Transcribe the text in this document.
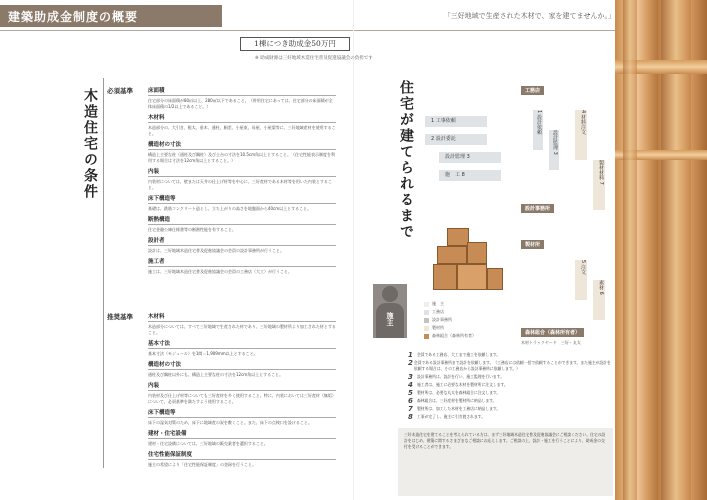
建築助成金制度の概要	「三好地域で生産された木材で、家を建てませんか。」
1棟につき助成金50万円
※ 助成財源は三好地域木造住宅普及促進協議会の負担です
木造住宅の条件	必須基準	床面積
住宅部分の床面積が80㎡以上、280㎡以下であること。（併用住宅にあっては、住宅部分の床面積が全体床面積の1/2以上であること。）
木材料
木造部分の、大引き、根太、垂木、通柱、胴差、小屋束、母屋、小屋梁等に、三好地域産材を使用すること。
構造材の寸法
構造上主要な柱（通柱及び隅柱）及び土台の寸法を10.5cm角以上とすること。（住宅性能表示制度を利用する場合は寸法を12cm角以上とすること。）
内装
内装材については、壁または天井の仕上げ材等を中心に、三好産材である木材等を用いた内装とすること。
床下構造等
基礎は、鉄筋コンクリート造とし、立ち上がりの高さを地盤面から40cm以上とすること。
断熱構造
住宅金融公庫仕様書等の断熱性能を有すること。
設計者
設計は、三好地域木造住宅普及促進協議会の会員の設計事務所が行うこと。
施工者
施工は、三好地域木造住宅普及促進協議会の会員の工務店（大工）が行うこと。
推奨基準	木材料
木造部分については、すべて三好地域で生産された材であり、三好地域の製材所より加工された材とすること。
基本寸法
基本寸法（モジュール）を1間＝1,909mm以上とすること。
構造材の寸法
通柱及び隅柱以外にも、構造上主要な柱の寸法を12cm角以上とすること。
内装
内装材及び仕上げ材等についても三好産材を多く使用すること。特に、内装においては三好産材（無垢）について、必須基準を満たすよう使用すること。
床下構造等
床下の湿気対策のため、床下に地域産の炭を敷くこと。また、床下の点検口を設けること。
建材・住宅設備
建材・住宅設備については、三好地域の販売業者を選択すること。
住宅性能保証制度
施主の希望により「住宅性能保証制度」の登録を行うこと。
住宅が建てられるまで	1 工事依頼
2 設計委託
設計監理 3
施　工 8
工務店
設計事務所
製材所
森林組合（森林所有者）
木材トラックヤード　三好・丸太
1 設計依頼
設計監理 3
4 材料注文
製材材料 7
5 注文
素材 6
施　主
工務店
設計事務所
製材所
森林組合（森林所有者）
施主
1	会員である工務店、大工まで施工を依頼します。
2 会員である設計事務所まで設計を依頼します。（工務店には依頼一括で依頼することができます。また施主が設計を依頼する場合は、その工務店から設計事務所に依頼します。）
3	設計事務所は、設計を行い、施工監理を行います。
4	施工者は、施工に必要な木材を製材所に注文します。
5	製材所は、必要な丸太を森林組合に注文します。
6	森林組合は、三好産材を製材所に納品します。
7	製材所は、加工した木材を工務店に納品します。
8	工事が完了し、施主に引き渡されます。
三好木造住宅を建てることを考えられている方は、まず三好地域木造住宅普及促進協議会にご相談ください。住宅の設計をはじめ、建築に関するさまざまなご相談にお応えします。ご相談の上、設計・施工を行うことにより、助成金の交付を受けることができます。
